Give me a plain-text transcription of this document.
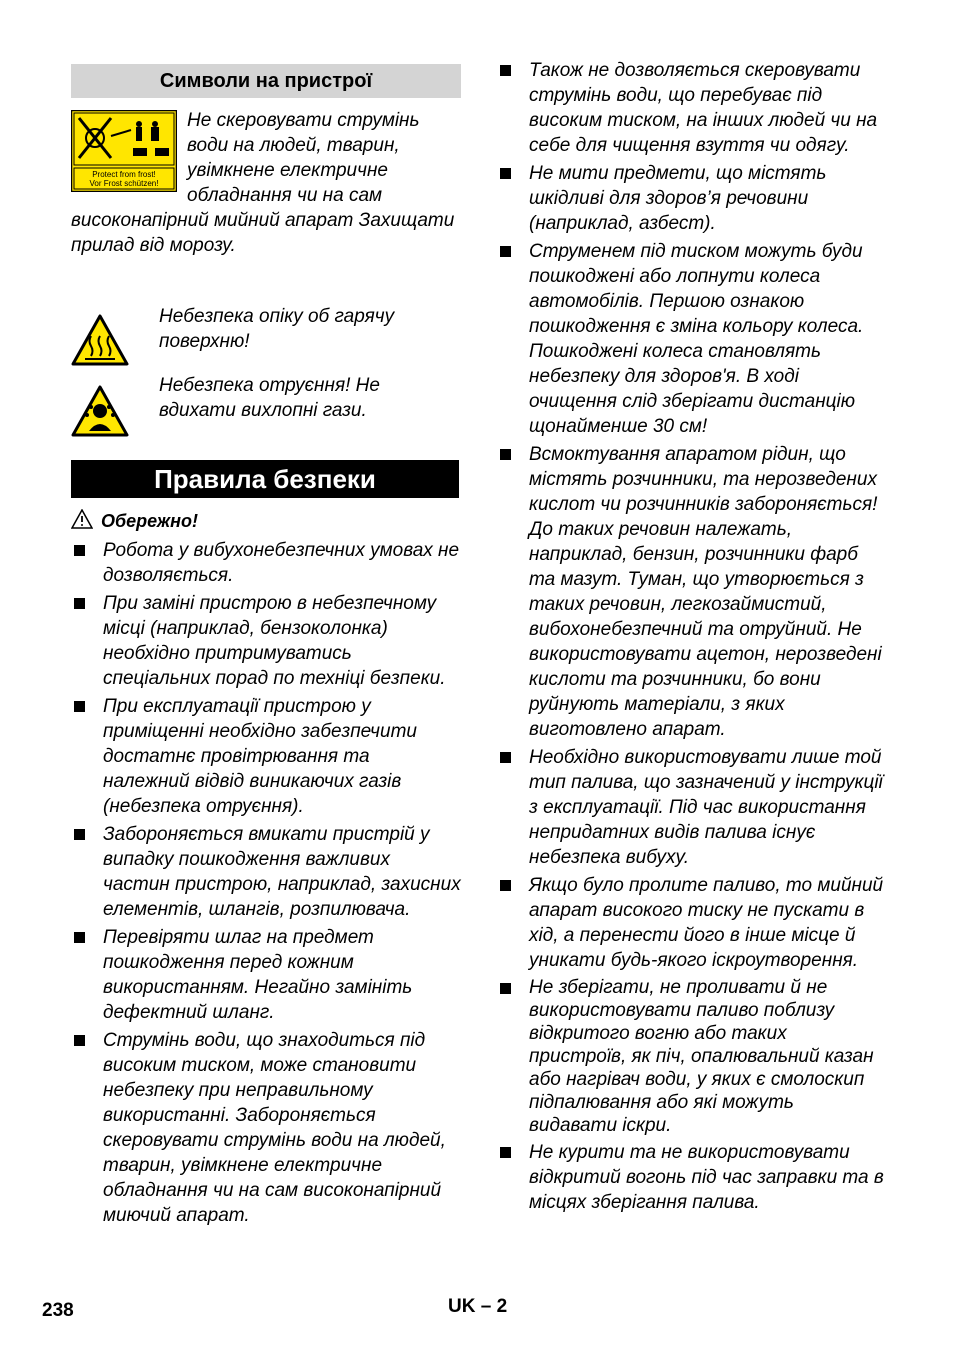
Символи на пристрої
Protect from frost!
Vor Frost schützen!
Не скеровувати струмінь води на людей, тварин, увімкнене електричне обладнання чи на сам високонапірний мийний апарат Захищати прилад від морозу.
Небезпека опіку об гарячу поверхню!
Небезпека отруєння! Не вдихати вихлопні гази.
Правила безпеки
Обережно!
Робота у вибухонебезпечних умовах не дозволяється.
При заміні пристрою в небезпечному місці (наприклад, бензоколонка) необхідно притримуватись спеціальних порад по техніці безпеки.
При експлуатації пристрою у приміщенні необхідно забезпечити достатнє провітрювання та належний відвід виникаючих газів (небезпека отруєння).
Забороняється вмикати пристрій у випадку пошкодження важливих частин пристрою, наприклад, захисних елементів, шлангів, розпилювача.
Перевіряти шлаг на предмет пошкодження перед кожним використанням. Негайно замініть дефектний шланг.
Струмінь води, що знаходиться під високим тиском, може становити небезпеку при неправильному використанні. Забороняється скеровувати струмінь води на людей, тварин, увімкнене електричне обладнання чи на сам високонапірний миючий апарат.
Також не дозволяється скеровувати струмінь води, що перебуває під високим тиском, на інших людей чи на себе для чищення взуття чи одягу.
Не мити предмети, що містять шкідливі для здоров’я речовини (наприклад, азбест).
Струменем під тиском можуть буди пошкоджені або лопнути колеса автомобілів. Першою ознакою пошкодження є зміна кольору колеса. Пошкоджені колеса становлять небезпеку для здоров'я. В ході очищення слід зберігати дистанцію щонайменше 30 см!
Всмоктування апаратом рідин, що містять розчинники, та нерозведених кислот чи розчинників забороняється! До таких речовин належать, наприклад, бензин, розчинники фарб та мазут. Туман, що утворюється з таких речовин, легкозаймистий, вибохонебезпечний та отруйний. Не використовувати ацетон, нерозведені кислоти та розчинники, бо вони руйнують матеріали, з яких виготовлено апарат.
Необхідно використовувати лише той тип палива, що зазначений у інструкції з експлуатації. Під час використання непридатних видів палива існує небезпека вибуху.
Якщо було пролите паливо, то мийний апарат високого тиску не пускати в хід, а перенести його в інше місце й уникати будь-якого іскроутворення.
Не зберігати, не проливати й не використовувати паливо поблизу відкритого вогню або таких пристроїв, як піч, опалювальний казан або нагрівач води, у яких є смолоскип підпалювання або які можуть видавати іскри.
Не курити та не використовувати відкритий вогонь під час заправки та в місцях зберігання палива.
238	UK – 2
